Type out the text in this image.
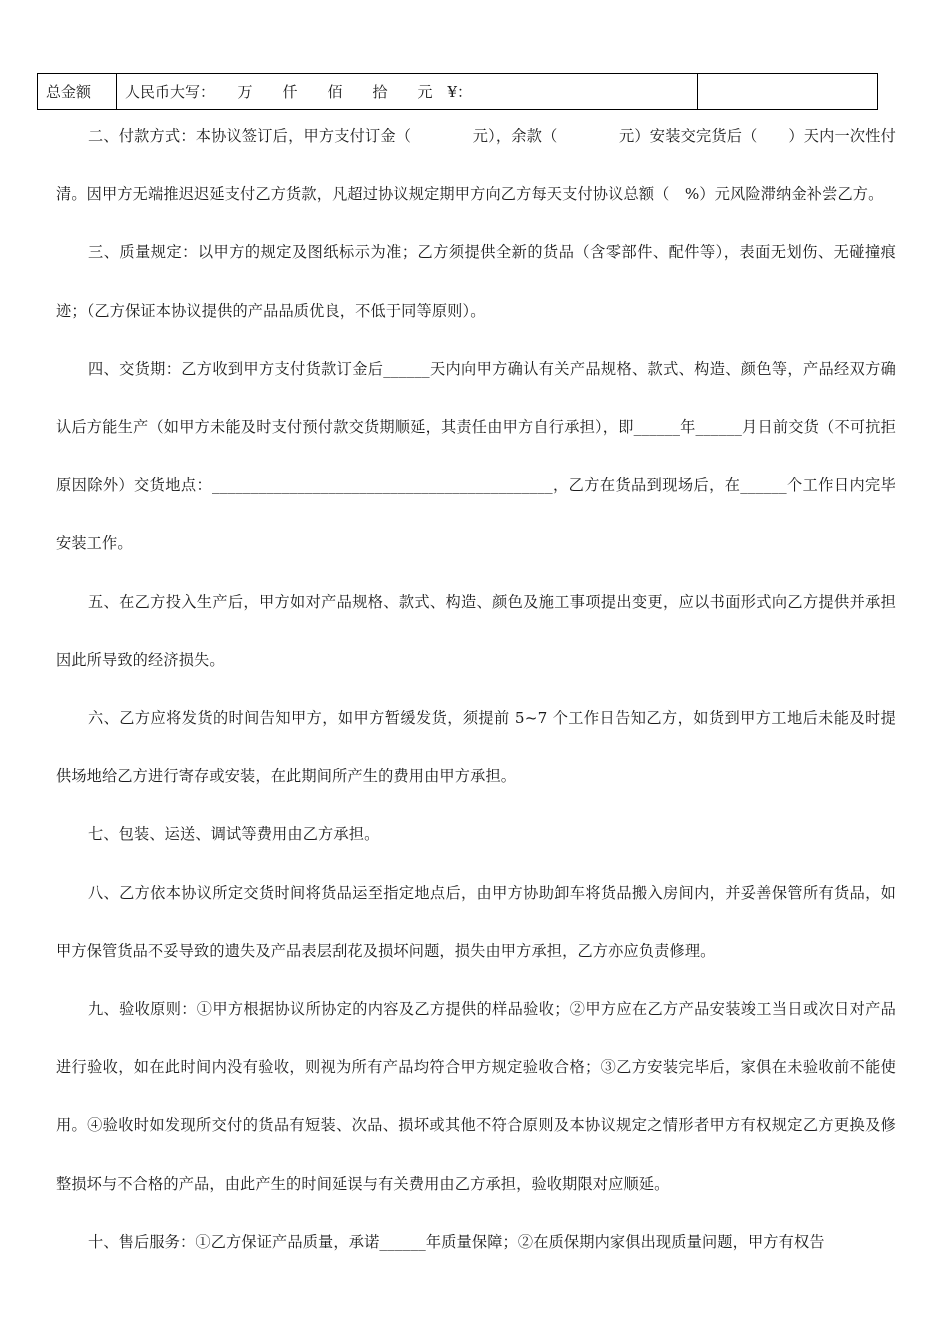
总金额	人民币大写：　　万　　仟　　佰　　拾　　元　¥：	

二、付款方式：本协议签订后，甲方支付订金（　　　　元），余款（　　　　元）安装交完货后（　　）天内一次性付清。因甲方无端推迟迟延支付乙方货款，凡超过协议规定期甲方向乙方每天支付协议总额（　%）元风险滞纳金补尝乙方。

三、质量规定：以甲方的规定及图纸标示为准；乙方须提供全新的货品（含零部件、配件等），表面无划伤、无碰撞痕迹；（乙方保证本协议提供的产品品质优良，不低于同等原则）。

四、交货期：乙方收到甲方支付货款订金后______天内向甲方确认有关产品规格、款式、构造、颜色等，产品经双方确认后方能生产（如甲方未能及时支付预付款交货期顺延，其责任由甲方自行承担），即______年______月日前交货（不可抗拒原因除外）交货地点：____________________________________________，乙方在货品到现场后，在______个工作日内完毕安装工作。

五、在乙方投入生产后，甲方如对产品规格、款式、构造、颜色及施工事项提出变更，应以书面形式向乙方提供并承担因此所导致的经济损失。

六、乙方应将发货的时间告知甲方，如甲方暂缓发货，须提前 5~7 个工作日告知乙方，如货到甲方工地后未能及时提供场地给乙方进行寄存或安装，在此期间所产生的费用由甲方承担。

七、包装、运送、调试等费用由乙方承担。

八、乙方依本协议所定交货时间将货品运至指定地点后，由甲方协助卸车将货品搬入房间内，并妥善保管所有货品，如甲方保管货品不妥导致的遗失及产品表层刮花及损坏问题，损失由甲方承担，乙方亦应负责修理。

九、验收原则：①甲方根据协议所协定的内容及乙方提供的样品验收；②甲方应在乙方产品安装竣工当日或次日对产品进行验收，如在此时间内没有验收，则视为所有产品均符合甲方规定验收合格；③乙方安装完毕后，家俱在未验收前不能使用。④验收时如发现所交付的货品有短装、次品、损坏或其他不符合原则及本协议规定之情形者甲方有权规定乙方更换及修整损坏与不合格的产品，由此产生的时间延误与有关费用由乙方承担，验收期限对应顺延。

十、售后服务：①乙方保证产品质量，承诺______年质量保障；②在质保期内家俱出现质量问题，甲方有权告
